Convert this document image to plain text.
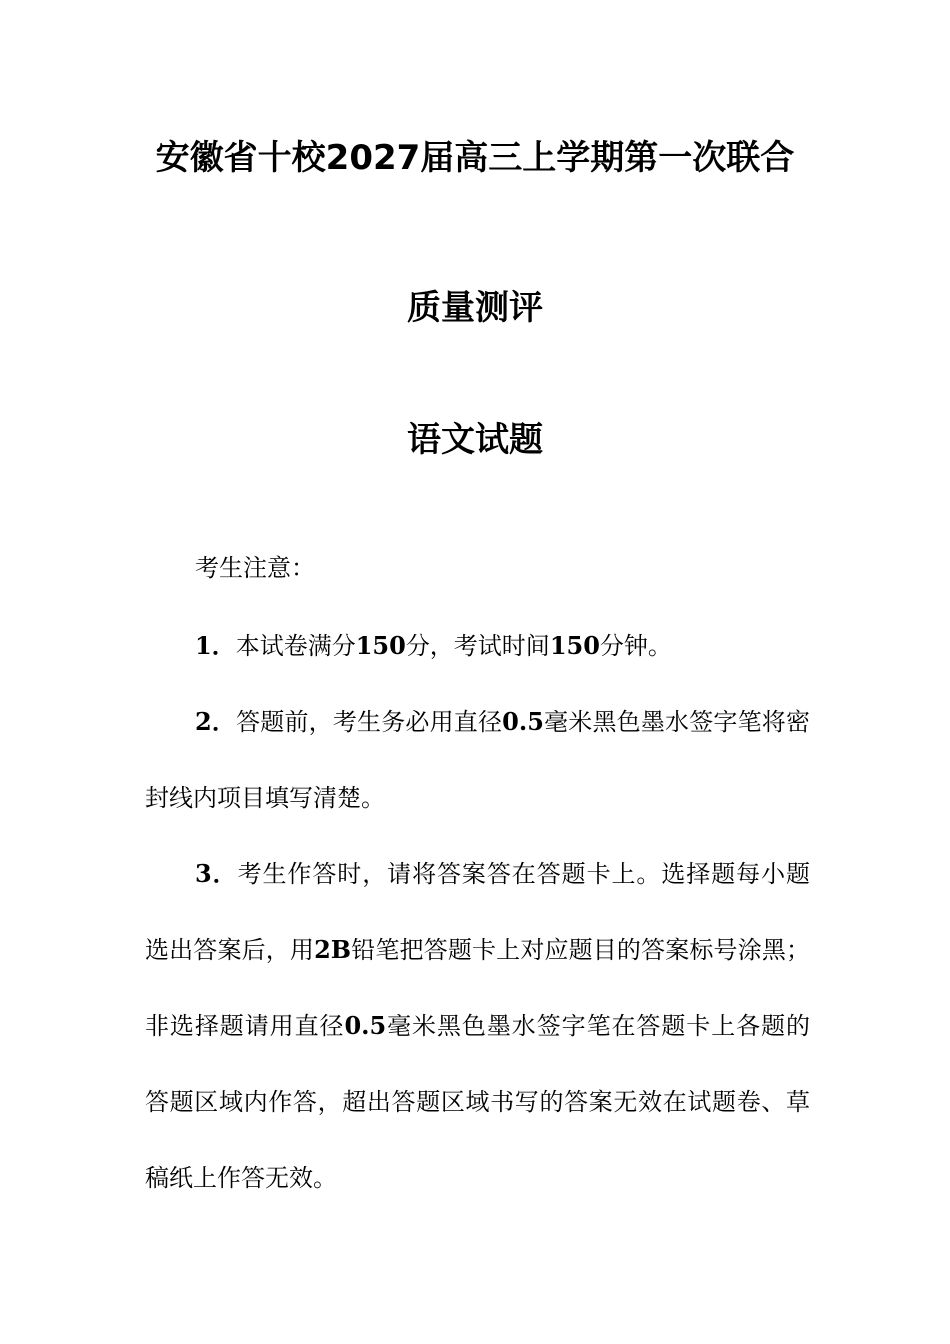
安徽省十校2027届高三上学期第一次联合
质量测评
语文试题

考生注意：

1．本试卷满分150分，考试时间150分钟。

2．答题前，考生务必用直径0.5毫米黑色墨水签字笔将密封线内项目填写清楚。

3．考生作答时，请将答案答在答题卡上。选择题每小题选出答案后，用2B铅笔把答题卡上对应题目的答案标号涂黑；非选择题请用直径0.5毫米黑色墨水签字笔在答题卡上各题的答题区域内作答，超出答题区域书写的答案无效在试题卷、草稿纸上作答无效。
